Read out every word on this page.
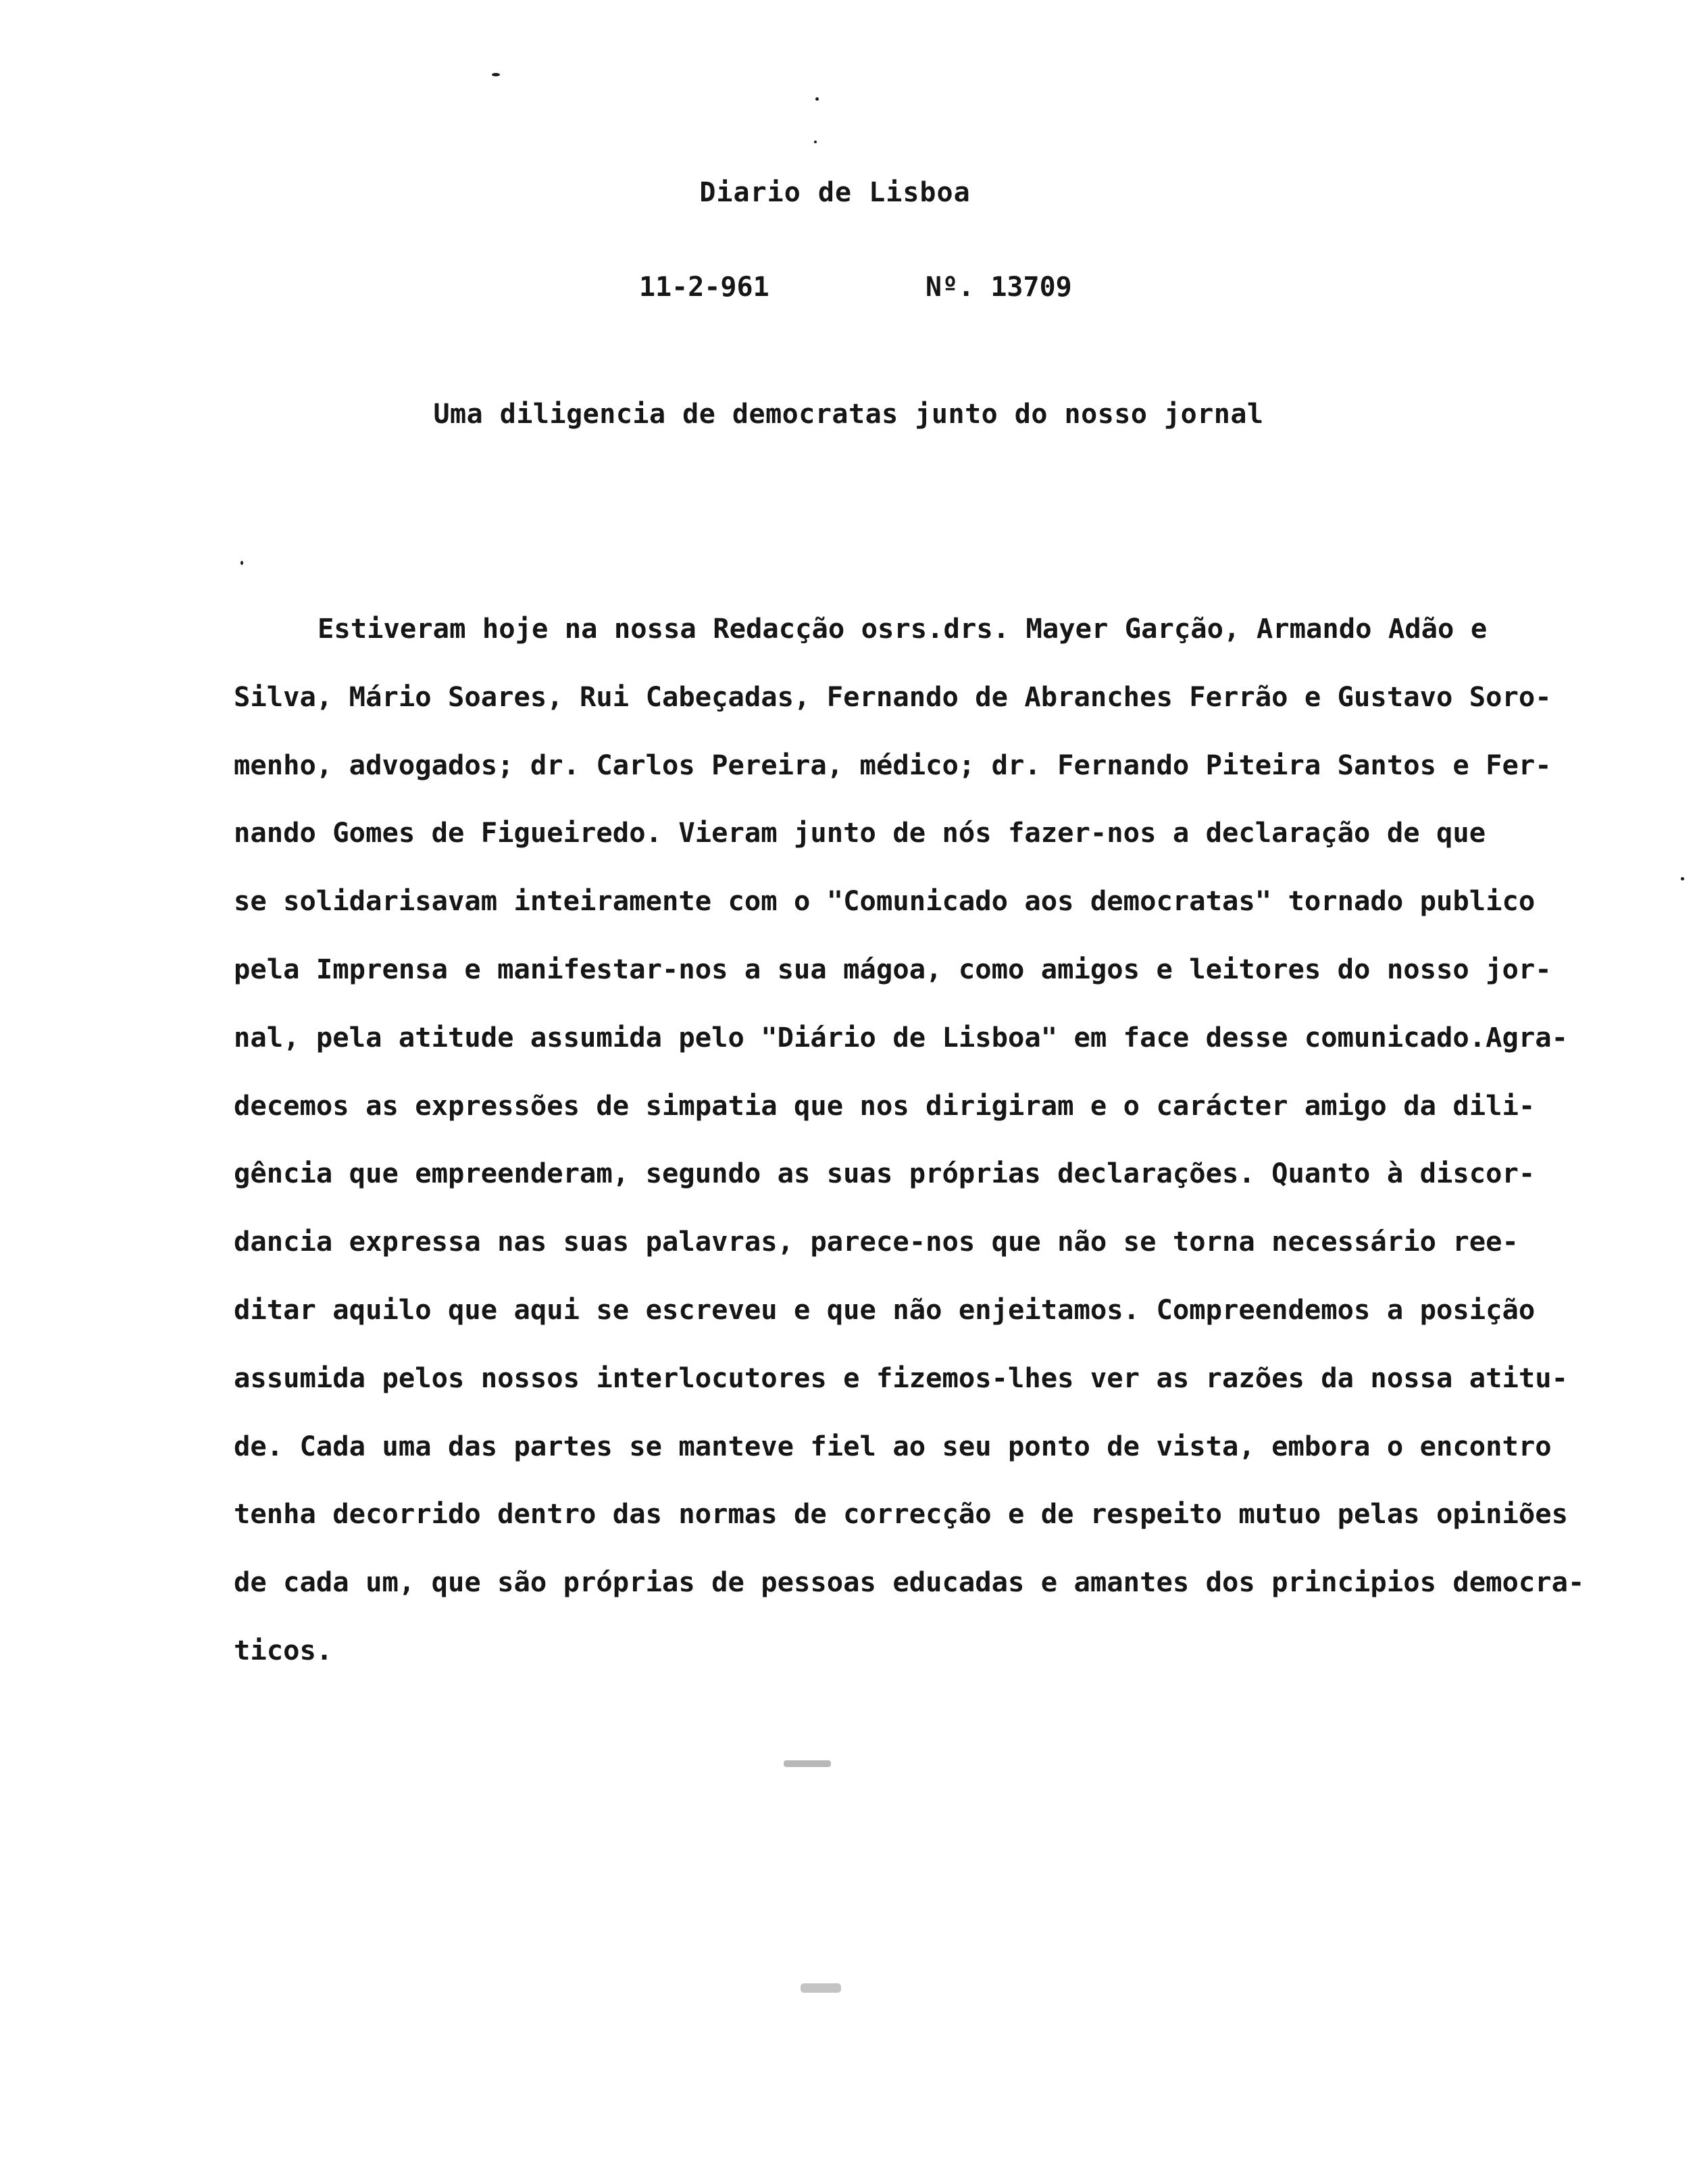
Diario de Lisboa
11-2-961	Nº. 13709
Uma diligencia de democratas junto do nosso jornal
Estiveram hoje na nossa Redacção osrs.drs. Mayer Garção, Armando Adão e
Silva, Mário Soares, Rui Cabeçadas, Fernando de Abranches Ferrão e Gustavo Soro-
menho, advogados; dr. Carlos Pereira, médico; dr. Fernando Piteira Santos e Fer-
nando Gomes de Figueiredo. Vieram junto de nós fazer-nos a declaração de que
se solidarisavam inteiramente com o "Comunicado aos democratas" tornado publico
pela Imprensa e manifestar-nos a sua mágoa, como amigos e leitores do nosso jor-
nal, pela atitude assumida pelo "Diário de Lisboa" em face desse comunicado.Agra-
decemos as expressões de simpatia que nos dirigiram e o carácter amigo da dili-
gência que empreenderam, segundo as suas próprias declarações. Quanto à discor-
dancia expressa nas suas palavras, parece-nos que não se torna necessário ree-
ditar aquilo que aqui se escreveu e que não enjeitamos. Compreendemos a posição
assumida pelos nossos interlocutores e fizemos-lhes ver as razões da nossa atitu-
de. Cada uma das partes se manteve fiel ao seu ponto de vista, embora o encontro
tenha decorrido dentro das normas de correcção e de respeito mutuo pelas opiniões
de cada um, que são próprias de pessoas educadas e amantes dos principios democra-
ticos.
